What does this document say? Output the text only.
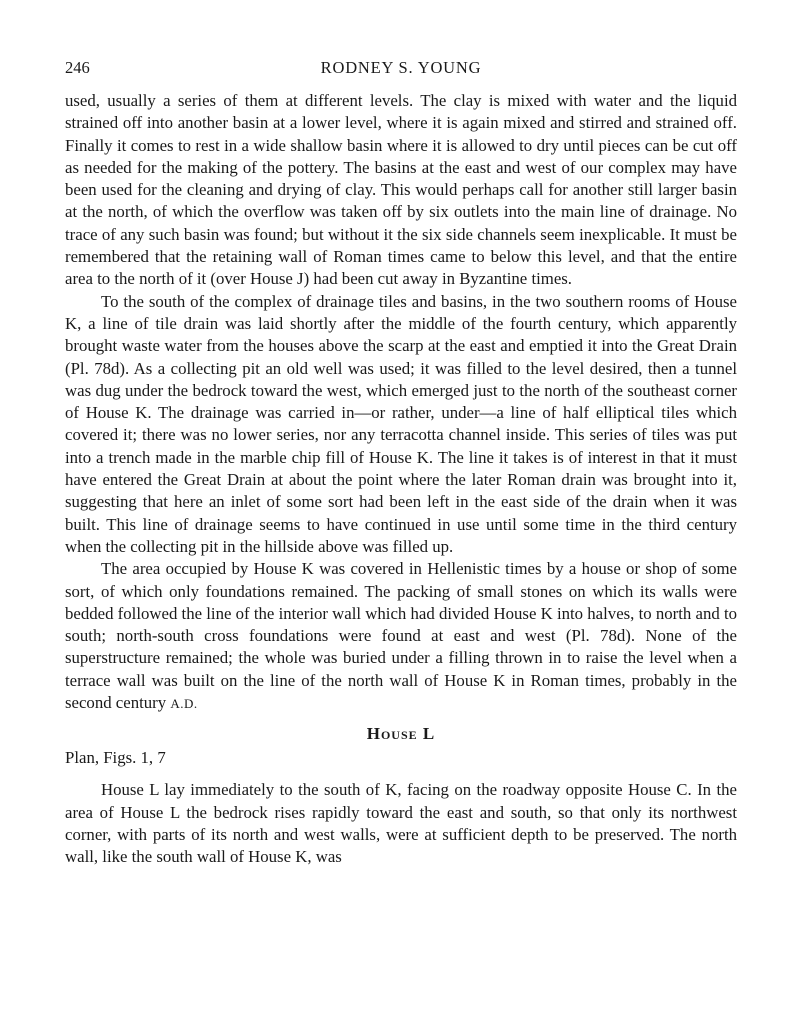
246	RODNEY S. YOUNG

used, usually a series of them at different levels. The clay is mixed with water and the liquid strained off into another basin at a lower level, where it is again mixed and stirred and strained off. Finally it comes to rest in a wide shallow basin where it is allowed to dry until pieces can be cut off as needed for the making of the pottery. The basins at the east and west of our complex may have been used for the cleaning and drying of clay. This would perhaps call for another still larger basin at the north, of which the overflow was taken off by six outlets into the main line of drainage. No trace of any such basin was found; but without it the six side channels seem inexplicable. It must be remembered that the retaining wall of Roman times came to below this level, and that the entire area to the north of it (over House J) had been cut away in Byzantine times.

To the south of the complex of drainage tiles and basins, in the two southern rooms of House K, a line of tile drain was laid shortly after the middle of the fourth century, which apparently brought waste water from the houses above the scarp at the east and emptied it into the Great Drain (Pl. 78d). As a collecting pit an old well was used; it was filled to the level desired, then a tunnel was dug under the bedrock toward the west, which emerged just to the north of the southeast corner of House K. The drainage was carried in—or rather, under—a line of half elliptical tiles which covered it; there was no lower series, nor any terracotta channel inside. This series of tiles was put into a trench made in the marble chip fill of House K. The line it takes is of interest in that it must have entered the Great Drain at about the point where the later Roman drain was brought into it, suggesting that here an inlet of some sort had been left in the east side of the drain when it was built. This line of drainage seems to have continued in use until some time in the third century when the collecting pit in the hillside above was filled up.

The area occupied by House K was covered in Hellenistic times by a house or shop of some sort, of which only foundations remained. The packing of small stones on which its walls were bedded followed the line of the interior wall which had divided House K into halves, to north and to south; north-south cross foundations were found at east and west (Pl. 78d). None of the superstructure remained; the whole was buried under a filling thrown in to raise the level when a terrace wall was built on the line of the north wall of House K in Roman times, probably in the second century A.D.

House L
Plan, Figs. 1, 7

House L lay immediately to the south of K, facing on the roadway opposite House C. In the area of House L the bedrock rises rapidly toward the east and south, so that only its northwest corner, with parts of its north and west walls, were at sufficient depth to be preserved. The north wall, like the south wall of House K, was
